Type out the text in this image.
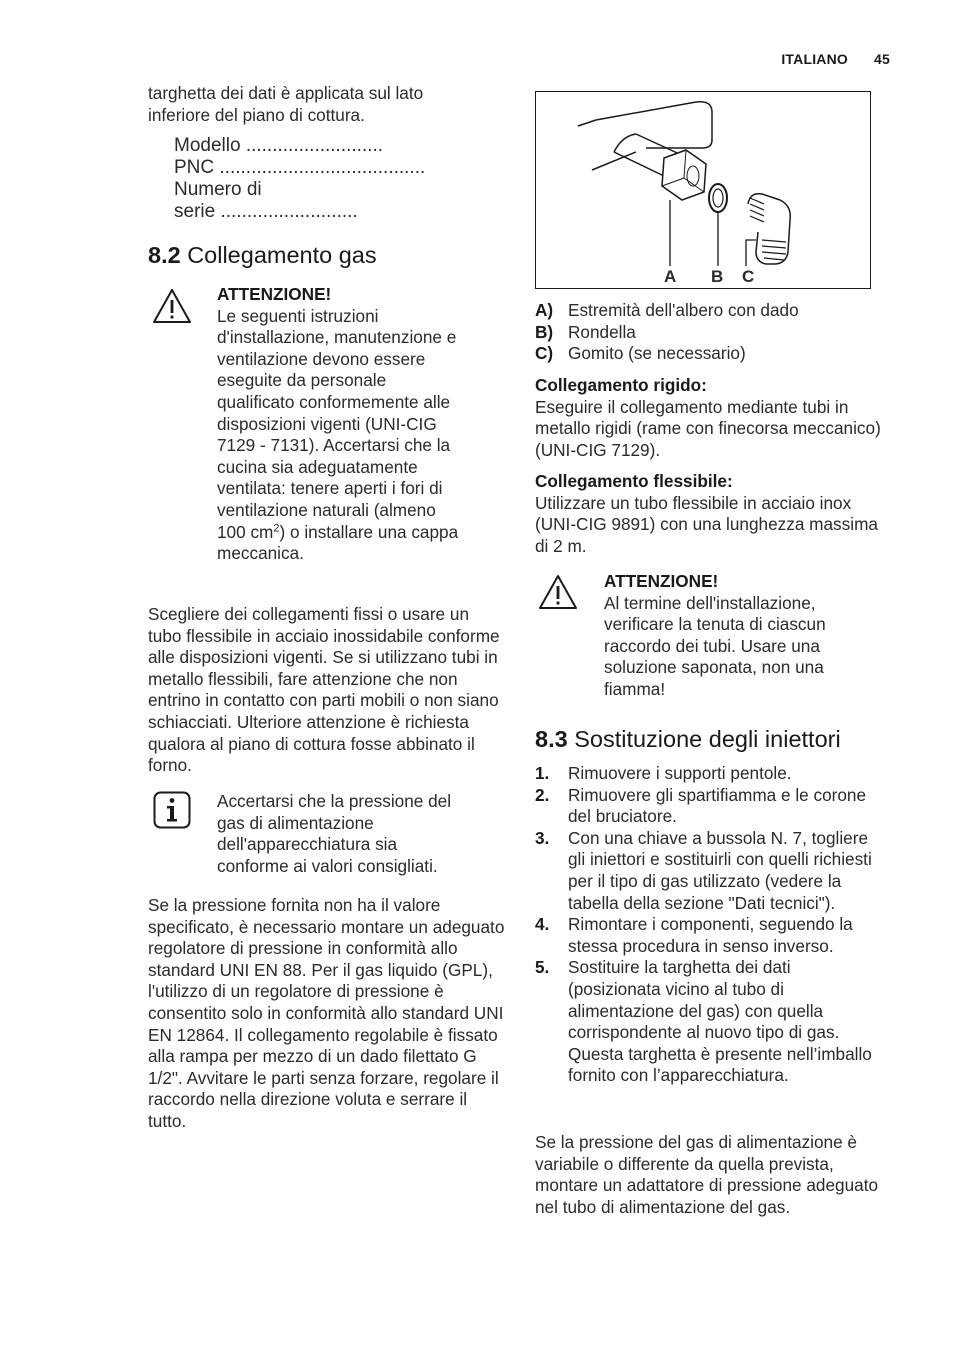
ITALIANO 45

targhetta dei dati è applicata sul lato inferiore del piano di cottura.

Modello ..........................
PNC .......................................
Numero di
serie ..........................
8.2 Collegamento gas
ATTENZIONE!

Le seguenti istruzioni d'installazione, manutenzione e ventilazione devono essere eseguite da personale qualificato conformemente alle disposizioni vigenti (UNI-CIG 7129 - 7131). Accertarsi che la cucina sia adeguatamente ventilata: tenere aperti i fori di ventilazione naturali (almeno 100 $cm^2$) o installare una cappa meccanica.

Scegliere dei collegamenti fissi o usare un tubo flessibile in acciaio inossidabile conforme alle disposizioni vigenti. Se si utilizzano tubi in metallo flessibili, fare attenzione che non entrino in contatto con parti mobili o non siano schiacciati. Ulteriore attenzione è richiesta qualora al piano di cottura fosse abbinato il forno.

Accertarsi che la pressione del gas di alimentazione dell'apparecchiatura sia conforme ai valori consigliati.

Se la pressione fornita non ha il valore specificato, è necessario montare un adeguato regolatore di pressione in conformità allo standard UNI EN 88. Per il gas liquido (GPL), l'utilizzo di un regolatore di pressione è consentito solo in conformità allo standard UNI EN 12864. Il collegamento regolabile è fissato alla rampa per mezzo di un dado filettato G 1/2". Avvitare le parti senza forzare, regolare il raccordo nella direzione voluta e serrare il tutto.

A B C
A) Estremità dell'albero con dado
B) Rondella
C) Gomito (se necessario)
Collegamento rigido:

Eseguire il collegamento mediante tubi in metallo rigidi (rame con finecorsa meccanico) (UNI-CIG 7129).

Collegamento flessibile:

Utilizzare un tubo flessibile in acciaio inox (UNI-CIG 9891) con una lunghezza massima di 2 m.

ATTENZIONE!

Al termine dell'installazione, verificare la tenuta di ciascun raccordo dei tubi. Usare una soluzione saponata, non una fiamma!

8.3 Sostituzione degli iniettori
1.	Rimuovere i supporti pentole.
2.	Rimuovere gli spartifiamma e le corone del bruciatore.
3.	Con una chiave a bussola N. 7, togliere gli iniettori e sostituirli con quelli richiesti per il tipo di gas utilizzato (vedere la tabella della sezione "Dati tecnici").
4.	Rimontare i componenti, seguendo la stessa procedura in senso inverso.
5.	Sostituire la targhetta dei dati (posizionata vicino al tubo di alimentazione del gas) con quella corrispondente al nuovo tipo di gas. Questa targhetta è presente nell’imballo fornito con l’apparecchiatura.

Se la pressione del gas di alimentazione è variabile o differente da quella prevista, montare un adattatore di pressione adeguato nel tubo di alimentazione del gas.
